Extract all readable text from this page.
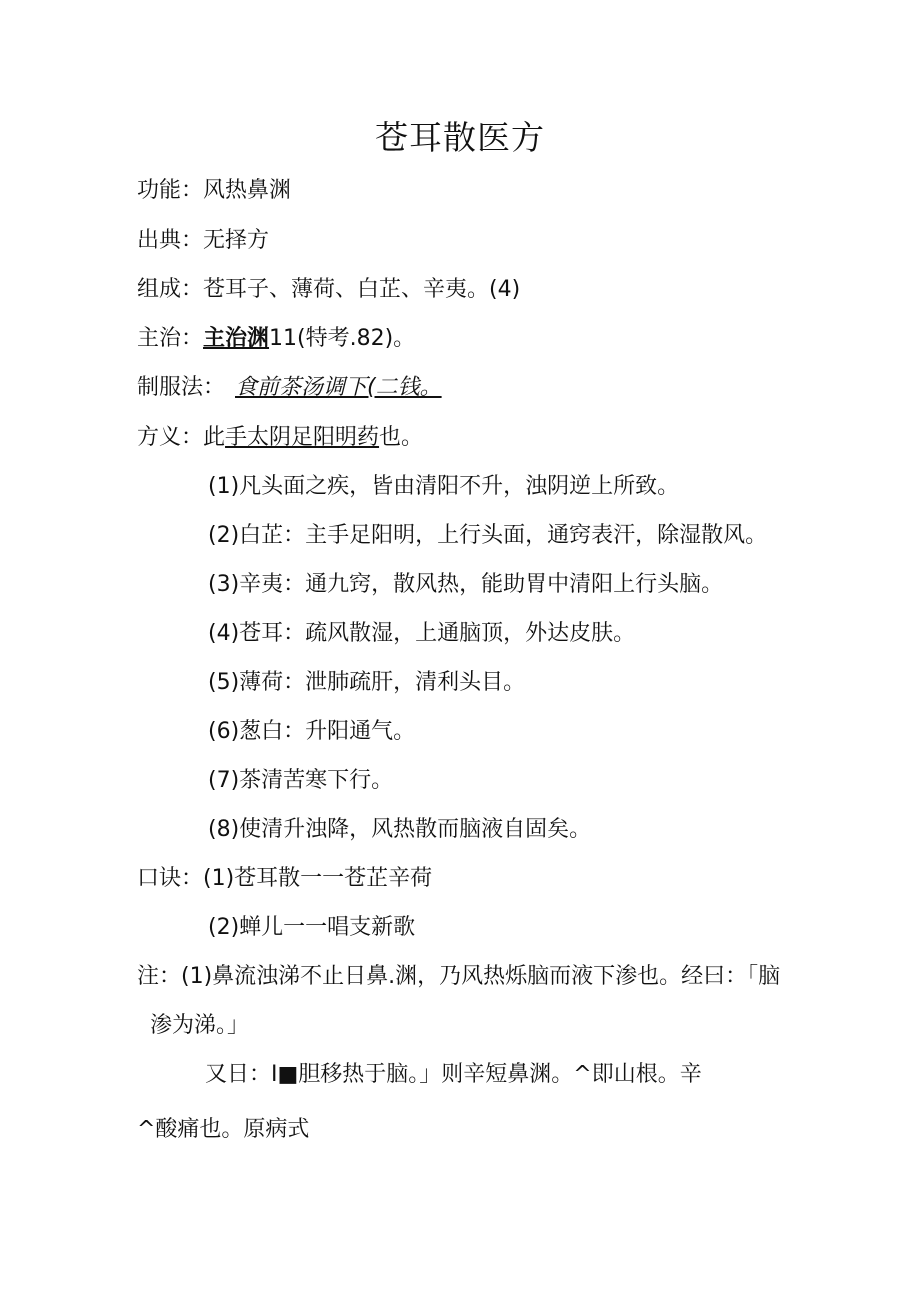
苍耳散医方
功能：风热鼻渊
出典：无择方
组成：苍耳子、薄荷、白芷、辛夷。(4)
主治：主治渊11(特考.82)。
制服法： 食前茶汤调下(二钱。
方义：此手太阴足阳明药也。
(1)凡头面之疾，皆由清阳不升，浊阴逆上所致。
(2)白芷：主手足阳明，上行头面，通窍表汗，除湿散风。
(3)辛夷：通九窍，散风热，能助胃中清阳上行头脑。
(4)苍耳：疏风散湿，上通脑顶，外达皮肤。
(5)薄荷：泄肺疏肝，清利头目。
(6)葱白：升阳通气。
(7)茶清苦寒下行。
(8)使清升浊降，风热散而脑液自固矣。
口诀：(1)苍耳散一一苍芷辛荷
(2)蝉儿一一唱支新歌
注：(1)鼻流浊涕不止日鼻.渊，乃风热烁脑而液下渗也。经曰：「脑
渗为涕。」
又日：I■胆移热于脑。」则辛短鼻渊。^即山根。辛
^酸痛也。原病式
